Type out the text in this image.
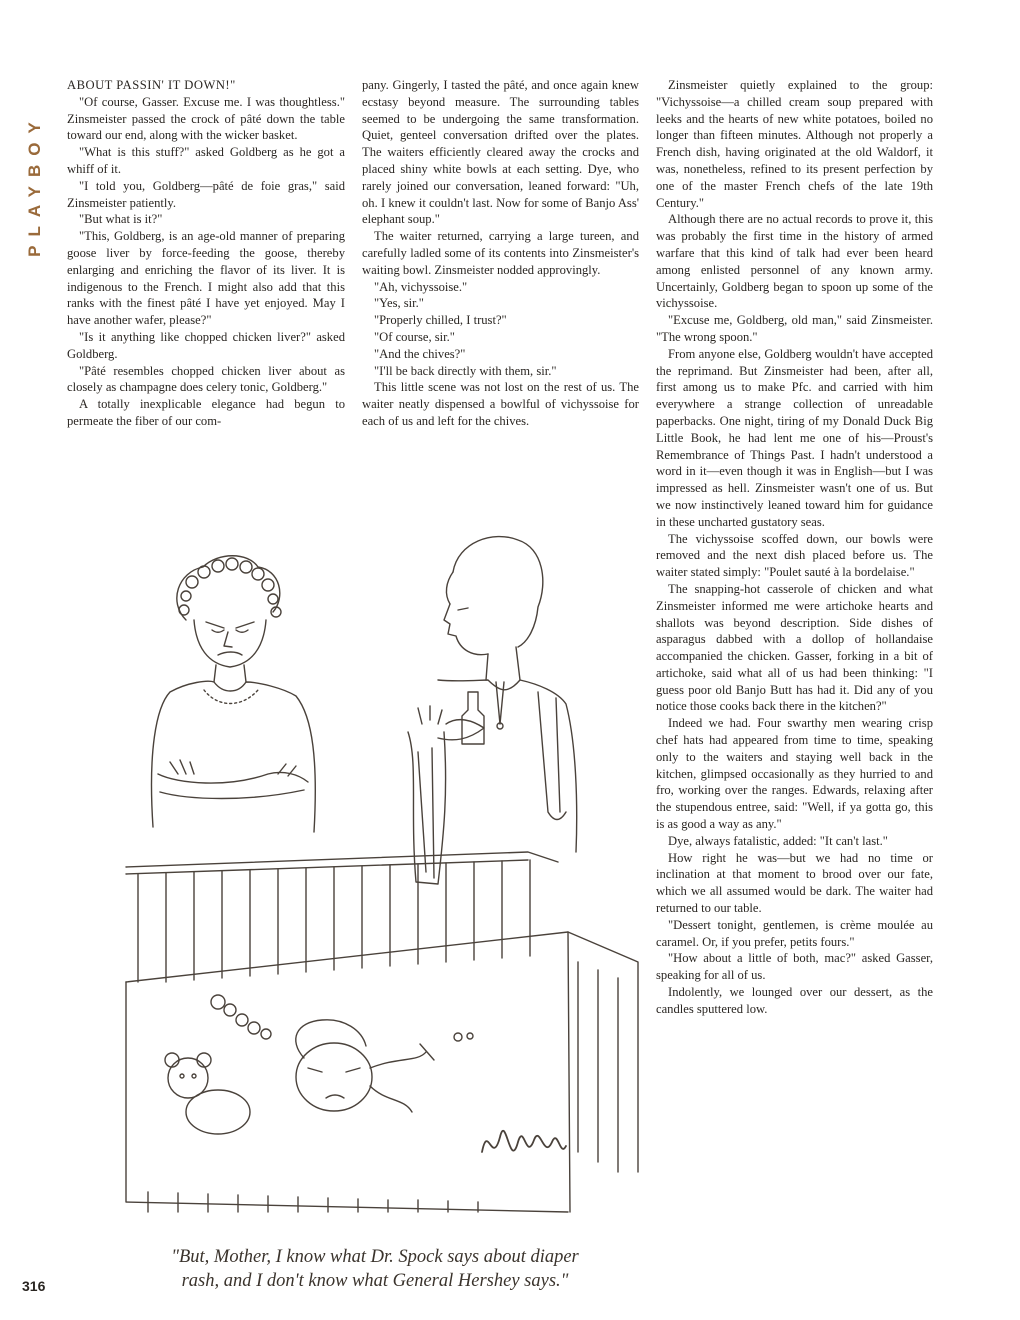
PLAYBOY

ABOUT PASSIN' IT DOWN!"

"Of course, Gasser. Excuse me. I was thoughtless." Zinsmeister passed the crock of pâté down the table toward our end, along with the wicker basket.

"What is this stuff?" asked Goldberg as he got a whiff of it.

"I told you, Goldberg—pâté de foie gras," said Zinsmeister patiently.

"But what is it?"

"This, Goldberg, is an age-old manner of preparing goose liver by force-feeding the goose, thereby enlarging and enriching the flavor of its liver. It is indigenous to the French. I might also add that this ranks with the finest pâté I have yet enjoyed. May I have another wafer, please?"

"Is it anything like chopped chicken liver?" asked Goldberg.

"Pâté resembles chopped chicken liver about as closely as champagne does celery tonic, Goldberg."

A totally inexplicable elegance had begun to permeate the fiber of our com-

pany. Gingerly, I tasted the pâté, and once again knew ecstasy beyond measure. The surrounding tables seemed to be undergoing the same transformation. Quiet, genteel conversation drifted over the plates. The waiters efficiently cleared away the crocks and placed shiny white bowls at each setting. Dye, who rarely joined our conversation, leaned forward: "Uh, oh. I knew it couldn't last. Now for some of Banjo Ass' elephant soup."

The waiter returned, carrying a large tureen, and carefully ladled some of its contents into Zinsmeister's waiting bowl. Zinsmeister nodded approvingly.

"Ah, vichyssoise."

"Yes, sir."

"Properly chilled, I trust?"

"Of course, sir."

"And the chives?"

"I'll be back directly with them, sir."

This little scene was not lost on the rest of us. The waiter neatly dispensed a bowlful of vichyssoise for each of us and left for the chives.

Zinsmeister quietly explained to the group: "Vichyssoise—a chilled cream soup prepared with leeks and the hearts of new white potatoes, boiled no longer than fifteen minutes. Although not properly a French dish, having originated at the old Waldorf, it was, nonetheless, refined to its present perfection by one of the master French chefs of the late 19th Century."

Although there are no actual records to prove it, this was probably the first time in the history of armed warfare that this kind of talk had ever been heard among enlisted personnel of any known army. Uncertainly, Goldberg began to spoon up some of the vichyssoise.

"Excuse me, Goldberg, old man," said Zinsmeister. "The wrong spoon."

From anyone else, Goldberg wouldn't have accepted the reprimand. But Zinsmeister had been, after all, first among us to make Pfc. and carried with him everywhere a strange collection of unreadable paperbacks. One night, tiring of my Donald Duck Big Little Book, he had lent me one of his—Proust's Remembrance of Things Past. I hadn't understood a word in it—even though it was in English—but I was impressed as hell. Zinsmeister wasn't one of us. But we now instinctively leaned toward him for guidance in these uncharted gustatory seas.

The vichyssoise scoffed down, our bowls were removed and the next dish placed before us. The waiter stated simply: "Poulet sauté à la bordelaise."

The snapping-hot casserole of chicken and what Zinsmeister informed me were artichoke hearts and shallots was beyond description. Side dishes of asparagus dabbed with a dollop of hollandaise accompanied the chicken. Gasser, forking in a bit of artichoke, said what all of us had been thinking: "I guess poor old Banjo Butt has had it. Did any of you notice those cooks back there in the kitchen?"

Indeed we had. Four swarthy men wearing crisp chef hats had appeared from time to time, speaking only to the waiters and staying well back in the kitchen, glimpsed occasionally as they hurried to and fro, working over the ranges. Edwards, relaxing after the stupendous entree, said: "Well, if ya gotta go, this is as good a way as any."

Dye, always fatalistic, added: "It can't last."

How right he was—but we had no time or inclination at that moment to brood over our fate, which we all assumed would be dark. The waiter had returned to our table.

"Dessert tonight, gentlemen, is crème moulée au caramel. Or, if you prefer, petits fours."

"How about a little of both, mac?" asked Gasser, speaking for all of us.

Indolently, we lounged over our dessert, as the candles sputtered low.

"But, Mother, I know what Dr. Spock says about diaper
rash, and I don't know what General Hershey says."
316
